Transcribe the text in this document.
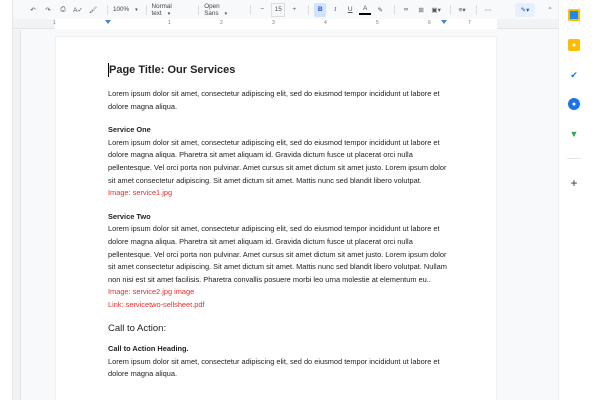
↶	↷	⎙	A✓ 🖌︎	100% ▾
Normal text ▾
Open Sans ▾
−	15	+	B	I	U	A	✎	∞	⊞	▣▾	≡▾	⋯	✎▾	⌃
1	1	2	3	4	5	6	7
Page Title: Our Services
Lorem ipsum dolor sit amet, consectetur adipiscing elit, sed do eiusmod tempor incididunt ut labore et dolore magna aliqua.
Service One
Lorem ipsum dolor sit amet, consectetur adipiscing elit, sed do eiusmod tempor incididunt ut labore et dolore magna aliqua. Pharetra sit amet aliquam id. Gravida dictum fusce ut placerat orci nulla pellentesque. Vel orci porta non pulvinar. Amet cursus sit amet dictum sit amet justo. Lorem ipsum dolor sit amet consectetur adipiscing. Sit amet dictum sit amet. Mattis nunc sed blandit libero volutpat.
Image: service1.jpg
Service Two
Lorem ipsum dolor sit amet, consectetur adipiscing elit, sed do eiusmod tempor incididunt ut labore et dolore magna aliqua. Pharetra sit amet aliquam id. Gravida dictum fusce ut placerat orci nulla pellentesque. Vel orci porta non pulvinar. Amet cursus sit amet dictum sit amet justo. Lorem ipsum dolor sit amet consectetur adipiscing. Sit amet dictum sit amet. Mattis nunc sed blandit libero volutpat. Nullam non nisi est sit amet facilisis. Pharetra convallis posuere morbi leo urna molestie at elementum eu..
Image: service2.jpg image
Link: servicetwo-sellsheet.pdf
Call to Action:
Call to Action Heading.
Lorem ipsum dolor sit amet, consectetur adipiscing elit, sed do eiusmod tempor incididunt ut labore et dolore magna aliqua.
●
✔
●
▼
+
